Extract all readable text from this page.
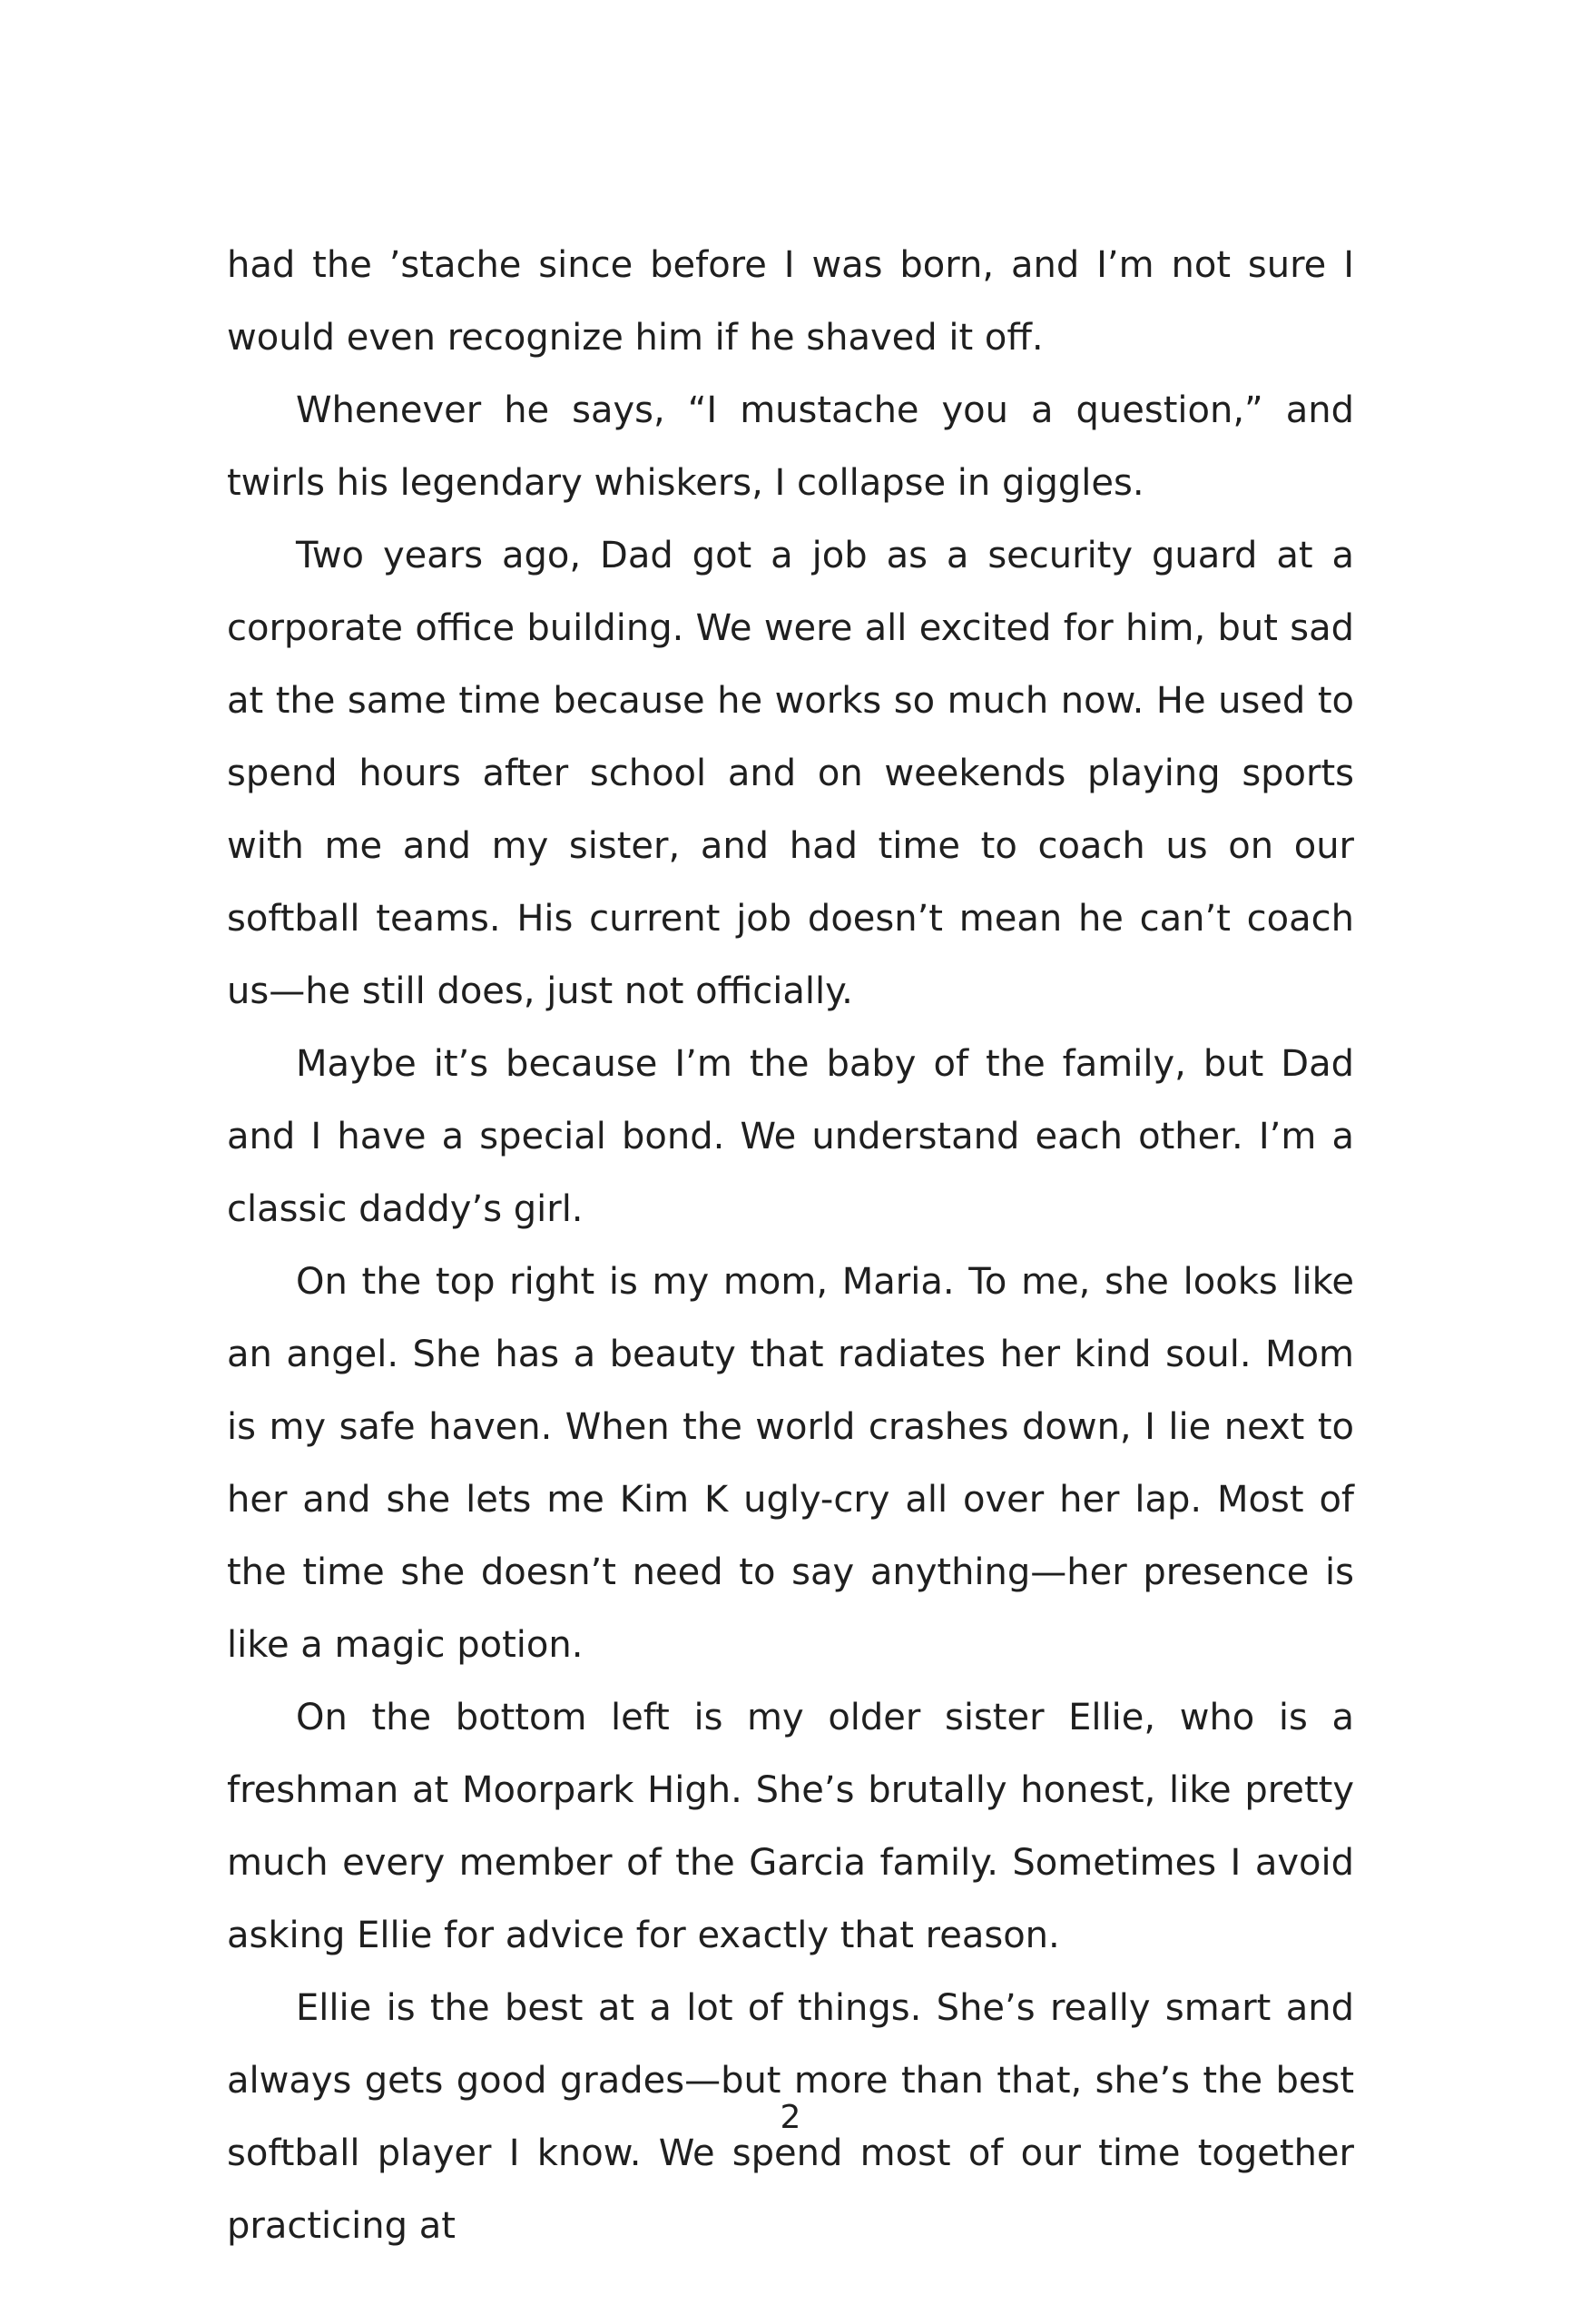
had the ’stache since before I was born, and I’m not sure I would even recognize him if he shaved it off.

Whenever he says, “I mustache you a question,” and twirls his legendary whiskers, I collapse in giggles.

Two years ago, Dad got a job as a security guard at a corporate office building. We were all excited for him, but sad at the same time because he works so much now. He used to spend hours after school and on weekends playing sports with me and my sister, and had time to coach us on our softball teams. His current job doesn’t mean he can’t coach us—he still does, just not officially.

Maybe it’s because I’m the baby of the family, but Dad and I have a special bond. We understand each other. I’m a classic daddy’s girl.

On the top right is my mom, Maria. To me, she looks like an angel. She has a beauty that radiates her kind soul. Mom is my safe haven. When the world crashes down, I lie next to her and she lets me Kim K ugly-cry all over her lap. Most of the time she doesn’t need to say anything—her presence is like a magic potion.

On the bottom left is my older sister Ellie, who is a freshman at Moorpark High. She’s brutally honest, like pretty much every member of the Garcia family. Sometimes I avoid asking Ellie for advice for exactly that reason.

Ellie is the best at a lot of things. She’s really smart and always gets good grades—but more than that, she’s the best softball player I know. We spend most of our time together practicing at

2
